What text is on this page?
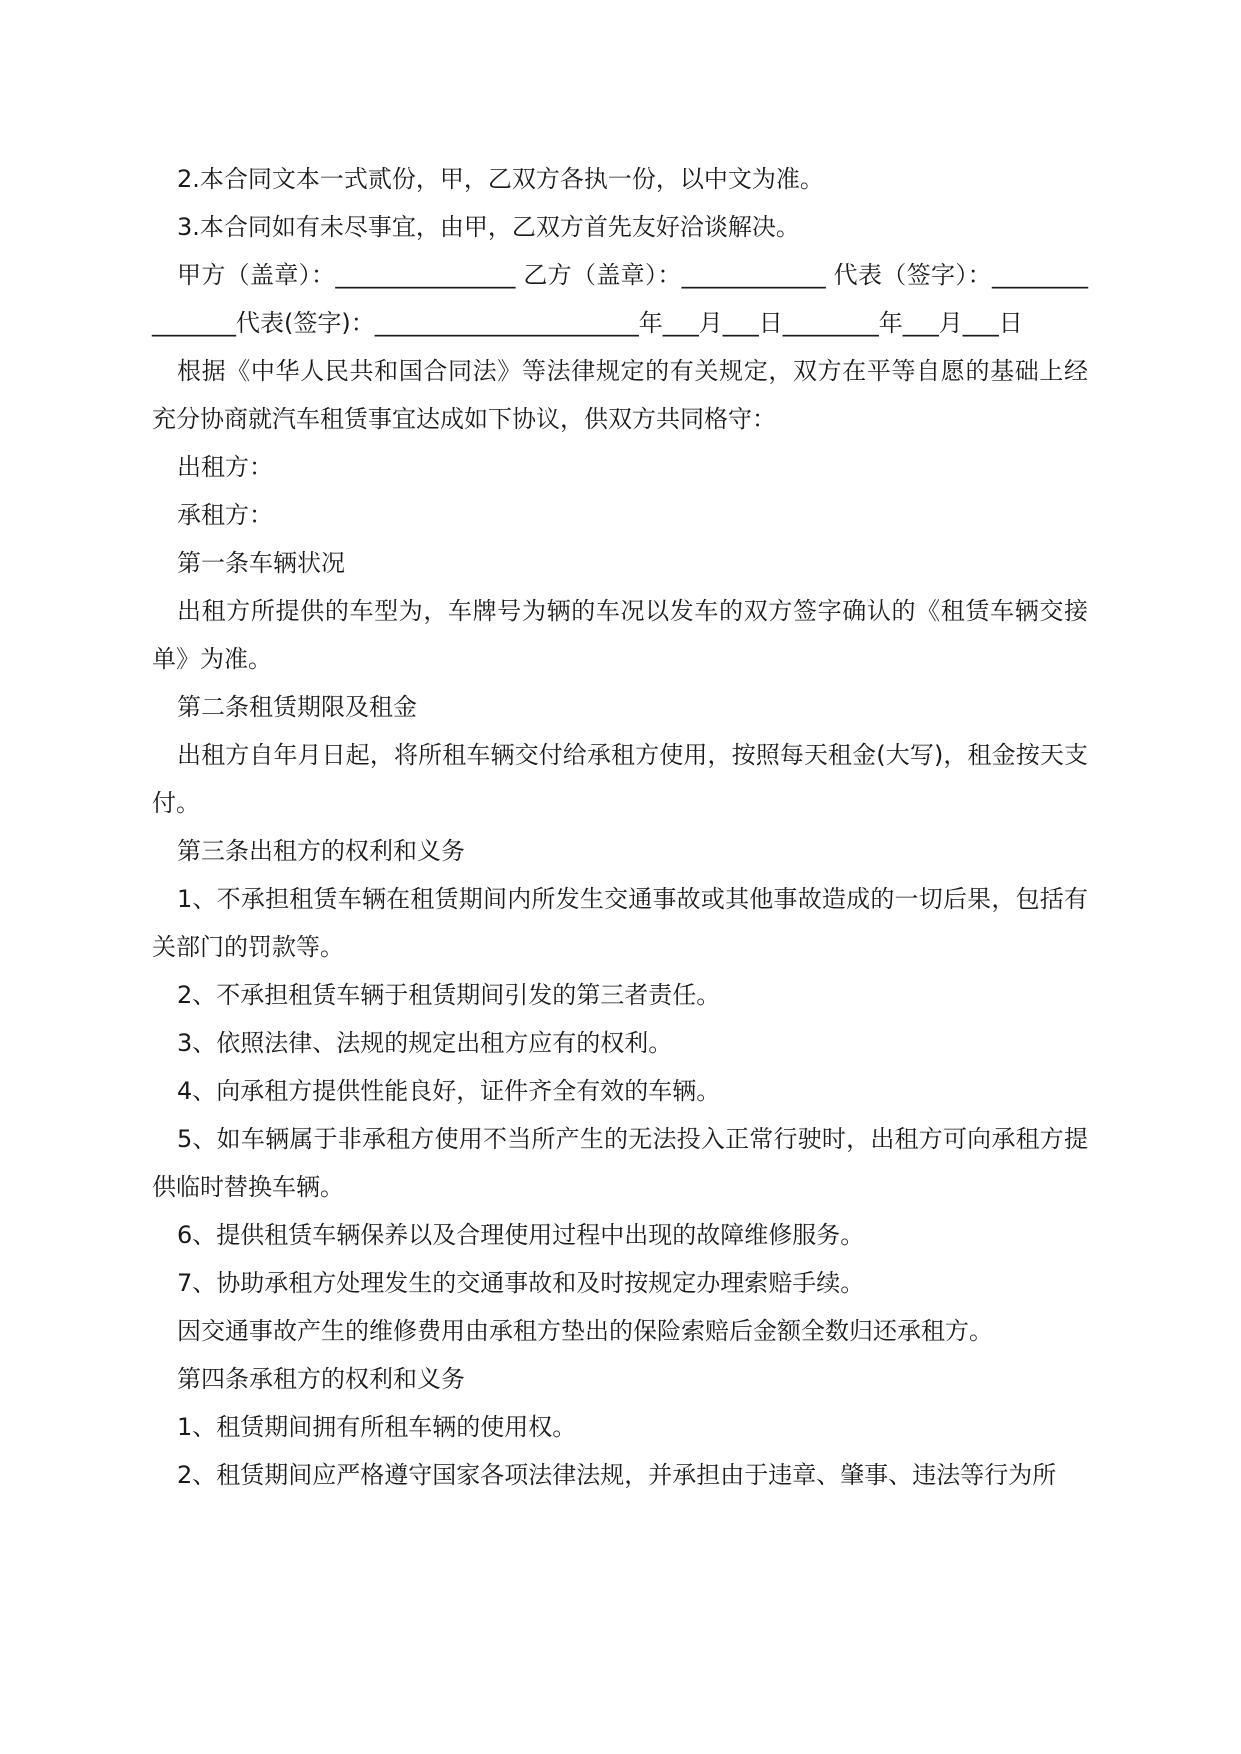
2.本合同文本一式贰份，甲，乙双方各执一份，以中文为准。

3.本合同如有未尽事宜，由甲，乙双方首先友好洽谈解决。

甲方（盖章）：_______________ 乙方（盖章）：____________ 代表（签字）：_______________代表(签字)：______________________年___月___日________年___月___日

根据《中华人民共和国合同法》等法律规定的有关规定，双方在平等自愿的基础上经充分协商就汽车租赁事宜达成如下协议，供双方共同格守：

出租方：

承租方：

第一条车辆状况

出租方所提供的车型为，车牌号为辆的车况以发车的双方签字确认的《租赁车辆交接单》为准。

第二条租赁期限及租金

出租方自年月日起，将所租车辆交付给承租方使用，按照每天租金(大写)，租金按天支付。

第三条出租方的权利和义务

1、不承担租赁车辆在租赁期间内所发生交通事故或其他事故造成的一切后果，包括有关部门的罚款等。

2、不承担租赁车辆于租赁期间引发的第三者责任。

3、依照法律、法规的规定出租方应有的权利。

4、向承租方提供性能良好，证件齐全有效的车辆。

5、如车辆属于非承租方使用不当所产生的无法投入正常行驶时，出租方可向承租方提供临时替换车辆。

6、提供租赁车辆保养以及合理使用过程中出现的故障维修服务。

7、协助承租方处理发生的交通事故和及时按规定办理索赔手续。

因交通事故产生的维修费用由承租方垫出的保险索赔后金额全数归还承租方。

第四条承租方的权利和义务

1、租赁期间拥有所租车辆的使用权。

2、租赁期间应严格遵守国家各项法律法规，并承担由于违章、肇事、违法等行为所
